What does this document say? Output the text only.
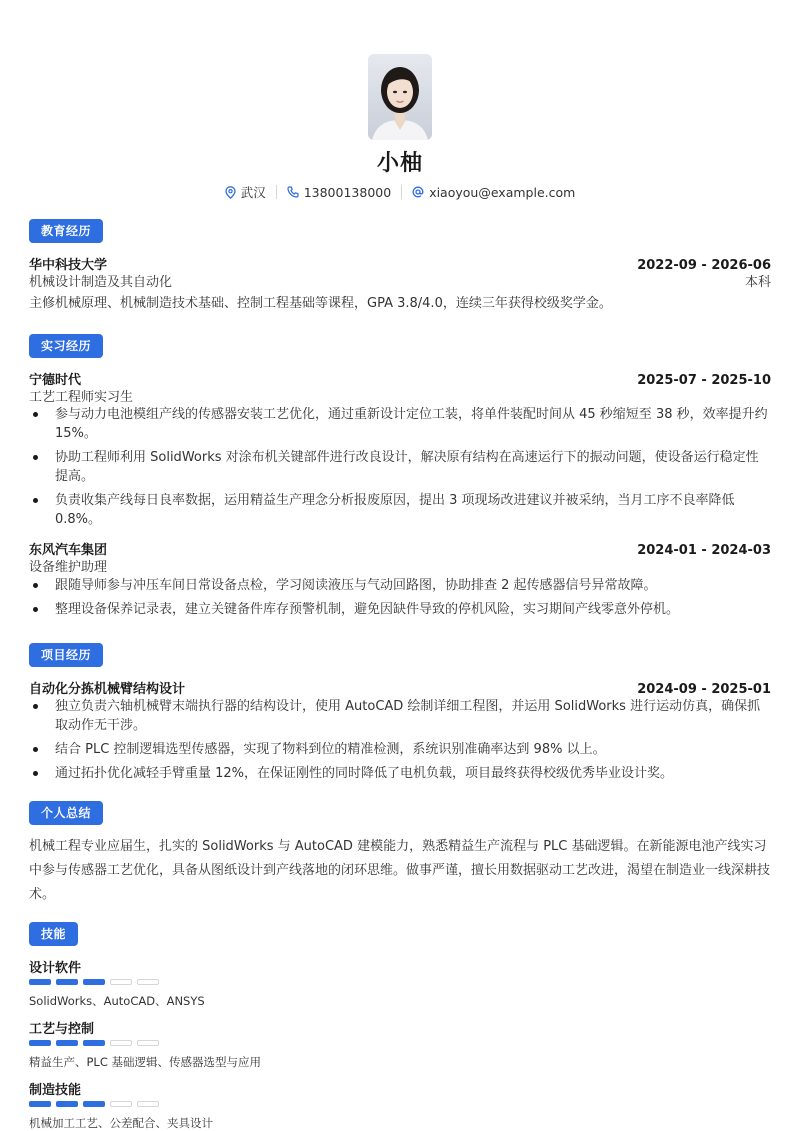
小柚
武汉	13800138000	xiaoyou@example.com
教育经历
华中科技大学	2022-09 - 2026-06
机械设计制造及其自动化	本科
主修机械原理、机械制造技术基础、控制工程基础等课程，GPA 3.8/4.0，连续三年获得校级奖学金。
实习经历
宁德时代	2025-07 - 2025-10
工艺工程师实习生
参与动力电池模组产线的传感器安装工艺优化，通过重新设计定位工装，将单件装配时间从 45 秒缩短至 38 秒，效率提升约 15%。
协助工程师利用 SolidWorks 对涂布机关键部件进行改良设计，解决原有结构在高速运行下的振动问题，使设备运行稳定性提高。
负责收集产线每日良率数据，运用精益生产理念分析报废原因，提出 3 项现场改进建议并被采纳，当月工序不良率降低 0.8%。
东风汽车集团	2024-01 - 2024-03
设备维护助理
跟随导师参与冲压车间日常设备点检，学习阅读液压与气动回路图，协助排查 2 起传感器信号异常故障。
整理设备保养记录表，建立关键备件库存预警机制，避免因缺件导致的停机风险，实习期间产线零意外停机。
项目经历
自动化分拣机械臂结构设计	2024-09 - 2025-01
独立负责六轴机械臂末端执行器的结构设计，使用 AutoCAD 绘制详细工程图，并运用 SolidWorks 进行运动仿真，确保抓取动作无干涉。
结合 PLC 控制逻辑选型传感器，实现了物料到位的精准检测，系统识别准确率达到 98% 以上。
通过拓扑优化减轻手臂重量 12%，在保证刚性的同时降低了电机负载，项目最终获得校级优秀毕业设计奖。
个人总结
机械工程专业应届生，扎实的 SolidWorks 与 AutoCAD 建模能力，熟悉精益生产流程与 PLC 基础逻辑。在新能源电池产线实习中参与传感器工艺优化，具备从图纸设计到产线落地的闭环思维。做事严谨，擅长用数据驱动工艺改进，渴望在制造业一线深耕技术。
技能
设计软件
SolidWorks、AutoCAD、ANSYS
工艺与控制
精益生产、PLC 基础逻辑、传感器选型与应用
制造技能
机械加工工艺、公差配合、夹具设计
